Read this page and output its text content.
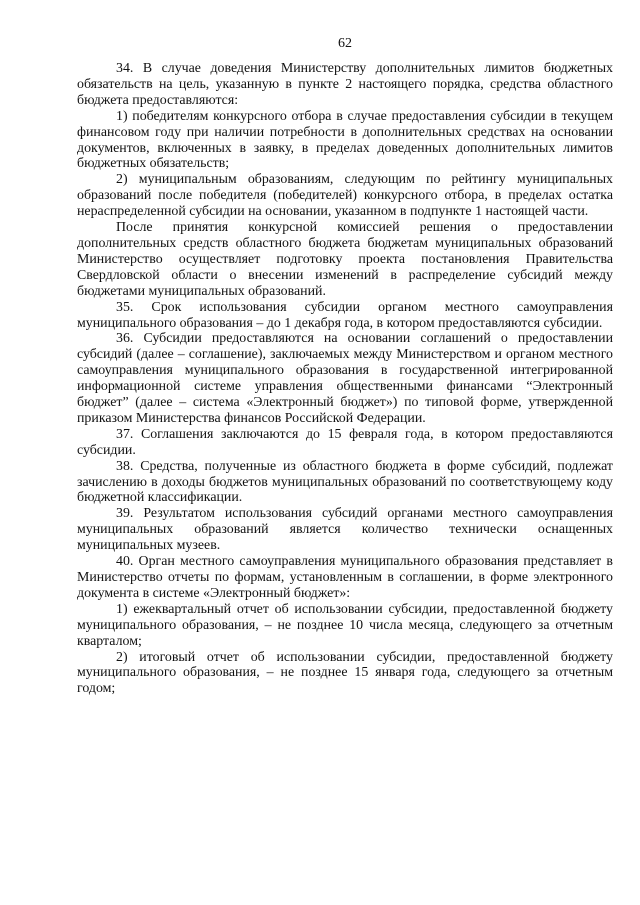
62

34. В случае доведения Министерству дополнительных лимитов бюджетных обязательств на цель, указанную в пункте 2 настоящего порядка, средства областного бюджета предоставляются:

1) победителям конкурсного отбора в случае предоставления субсидии в текущем финансовом году при наличии потребности в дополнительных средствах на основании документов, включенных в заявку, в пределах доведенных дополнительных лимитов бюджетных обязательств;

2) муниципальным образованиям, следующим по рейтингу муниципальных образований после победителя (победителей) конкурсного отбора, в пределах остатка нераспределенной субсидии на основании, указанном в подпункте 1 настоящей части.

После принятия конкурсной комиссией решения о предоставлении дополнительных средств областного бюджета бюджетам муниципальных образований Министерство осуществляет подготовку проекта постановления Правительства Свердловской области о внесении изменений в распределение субсидий между бюджетами муниципальных образований.

35. Срок использования субсидии органом местного самоуправления муниципального образования – до 1 декабря года, в котором предоставляются субсидии.

36. Субсидии предоставляются на основании соглашений о предоставлении субсидий (далее – соглашение), заключаемых между Министерством и органом местного самоуправления муниципального образования в государственной интегрированной информационной системе управления общественными финансами “Электронный бюджет” (далее – система «Электронный бюджет») по типовой форме, утвержденной приказом Министерства финансов Российской Федерации.

37. Соглашения заключаются до 15 февраля года, в котором предоставляются субсидии.

38. Средства, полученные из областного бюджета в форме субсидий, подлежат зачислению в доходы бюджетов муниципальных образований по соответствующему коду бюджетной классификации.

39. Результатом использования субсидий органами местного самоуправления муниципальных образований является количество технически оснащенных муниципальных музеев.

40. Орган местного самоуправления муниципального образования представляет в Министерство отчеты по формам, установленным в соглашении, в форме электронного документа в системе «Электронный бюджет»:

1) ежеквартальный отчет об использовании субсидии, предоставленной бюджету муниципального образования, – не позднее 10 числа месяца, следующего за отчетным кварталом;

2) итоговый отчет об использовании субсидии, предоставленной бюджету муниципального образования, – не позднее 15 января года, следующего за отчетным годом;
